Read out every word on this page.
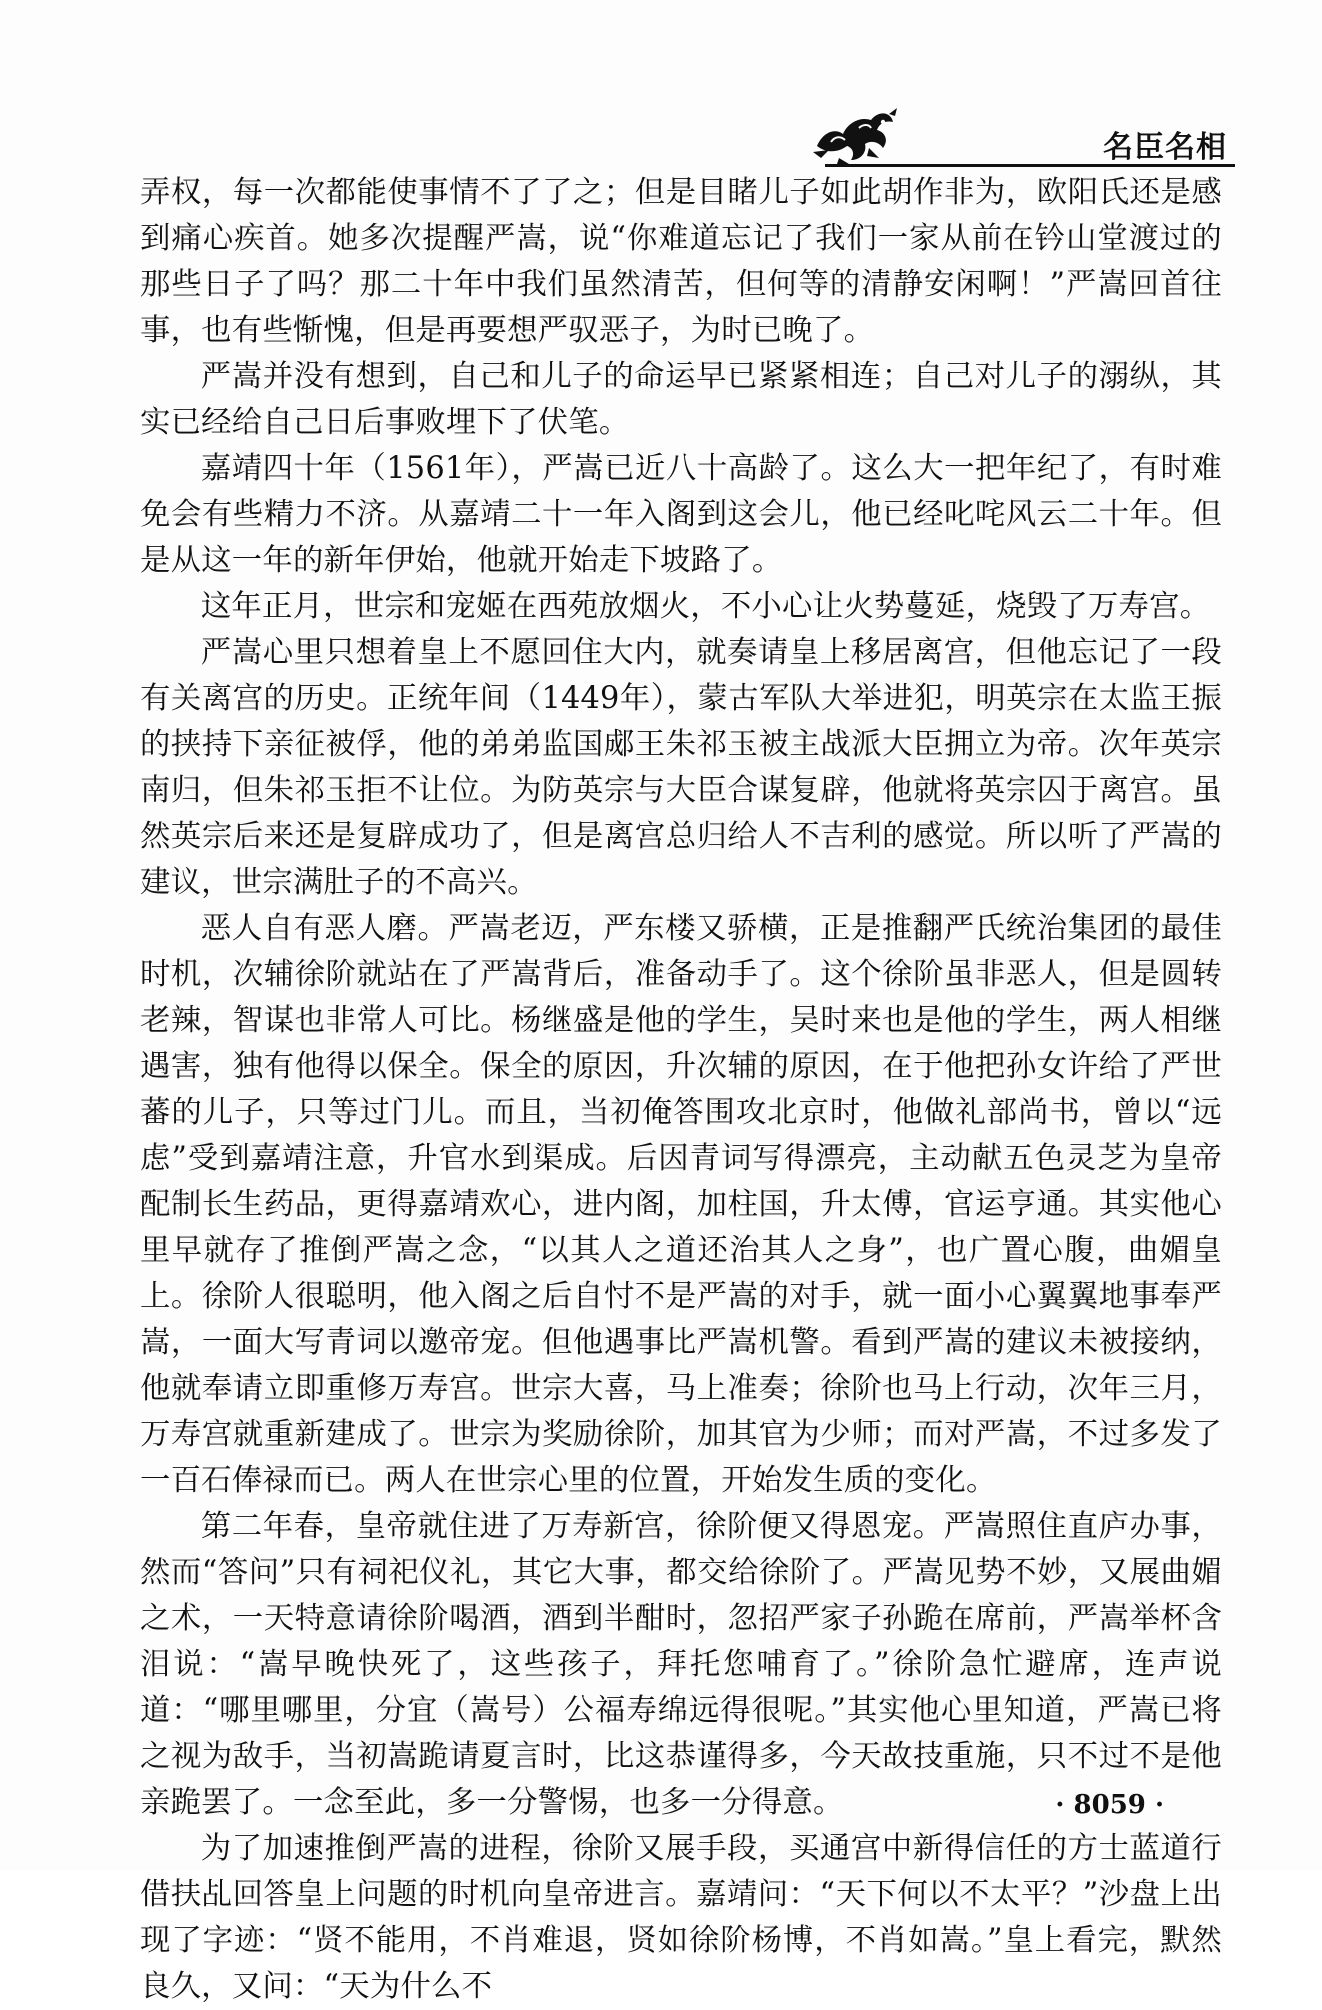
名臣名相

弄权，每一次都能使事情不了了之；但是目睹儿子如此胡作非为，欧阳氏还是感到痛心疾首。她多次提醒严嵩，说“你难道忘记了我们一家从前在钤山堂渡过的那些日子了吗？那二十年中我们虽然清苦，但何等的清静安闲啊！”严嵩回首往事，也有些惭愧，但是再要想严驭恶子，为时已晚了。

严嵩并没有想到，自己和儿子的命运早已紧紧相连；自己对儿子的溺纵，其实已经给自己日后事败埋下了伏笔。

嘉靖四十年（1561年），严嵩已近八十高龄了。这么大一把年纪了，有时难免会有些精力不济。从嘉靖二十一年入阁到这会儿，他已经叱咤风云二十年。但是从这一年的新年伊始，他就开始走下坡路了。

这年正月，世宗和宠姬在西苑放烟火，不小心让火势蔓延，烧毁了万寿宫。

严嵩心里只想着皇上不愿回住大内，就奏请皇上移居离宫，但他忘记了一段有关离宫的历史。正统年间（1449年），蒙古军队大举进犯，明英宗在太监王振的挟持下亲征被俘，他的弟弟监国郕王朱祁玉被主战派大臣拥立为帝。次年英宗南归，但朱祁玉拒不让位。为防英宗与大臣合谋复辟，他就将英宗囚于离宫。虽然英宗后来还是复辟成功了，但是离宫总归给人不吉利的感觉。所以听了严嵩的建议，世宗满肚子的不高兴。

恶人自有恶人磨。严嵩老迈，严东楼又骄横，正是推翻严氏统治集团的最佳时机，次辅徐阶就站在了严嵩背后，准备动手了。这个徐阶虽非恶人，但是圆转老辣，智谋也非常人可比。杨继盛是他的学生，吴时来也是他的学生，两人相继遇害，独有他得以保全。保全的原因，升次辅的原因，在于他把孙女许给了严世蕃的儿子，只等过门儿。而且，当初俺答围攻北京时，他做礼部尚书，曾以“远虑”受到嘉靖注意，升官水到渠成。后因青词写得漂亮，主动献五色灵芝为皇帝配制长生药品，更得嘉靖欢心，进内阁，加柱国，升太傅，官运亨通。其实他心里早就存了推倒严嵩之念，“以其人之道还治其人之身”，也广置心腹，曲媚皇上。徐阶人很聪明，他入阁之后自忖不是严嵩的对手，就一面小心翼翼地事奉严嵩，一面大写青词以邀帝宠。但他遇事比严嵩机警。看到严嵩的建议未被接纳，他就奉请立即重修万寿宫。世宗大喜，马上准奏；徐阶也马上行动，次年三月，万寿宫就重新建成了。世宗为奖励徐阶，加其官为少师；而对严嵩，不过多发了一百石俸禄而已。两人在世宗心里的位置，开始发生质的变化。

第二年春，皇帝就住进了万寿新宫，徐阶便又得恩宠。严嵩照住直庐办事，然而“答问”只有祠祀仪礼，其它大事，都交给徐阶了。严嵩见势不妙，又展曲媚之术，一天特意请徐阶喝酒，酒到半酣时，忽招严家子孙跪在席前，严嵩举杯含泪说：“嵩早晚快死了，这些孩子，拜托您哺育了。”徐阶急忙避席，连声说道：“哪里哪里，分宜（嵩号）公福寿绵远得很呢。”其实他心里知道，严嵩已将之视为敌手，当初嵩跪请夏言时，比这恭谨得多，今天故技重施，只不过不是他亲跪罢了。一念至此，多一分警惕，也多一分得意。

为了加速推倒严嵩的进程，徐阶又展手段，买通宫中新得信任的方士蓝道行借扶乩回答皇上问题的时机向皇帝进言。嘉靖问：“天下何以不太平？”沙盘上出现了字迹：“贤不能用，不肖难退，贤如徐阶杨博，不肖如嵩。”皇上看完，默然良久，又问：“天为什么不

· 8059 ·
